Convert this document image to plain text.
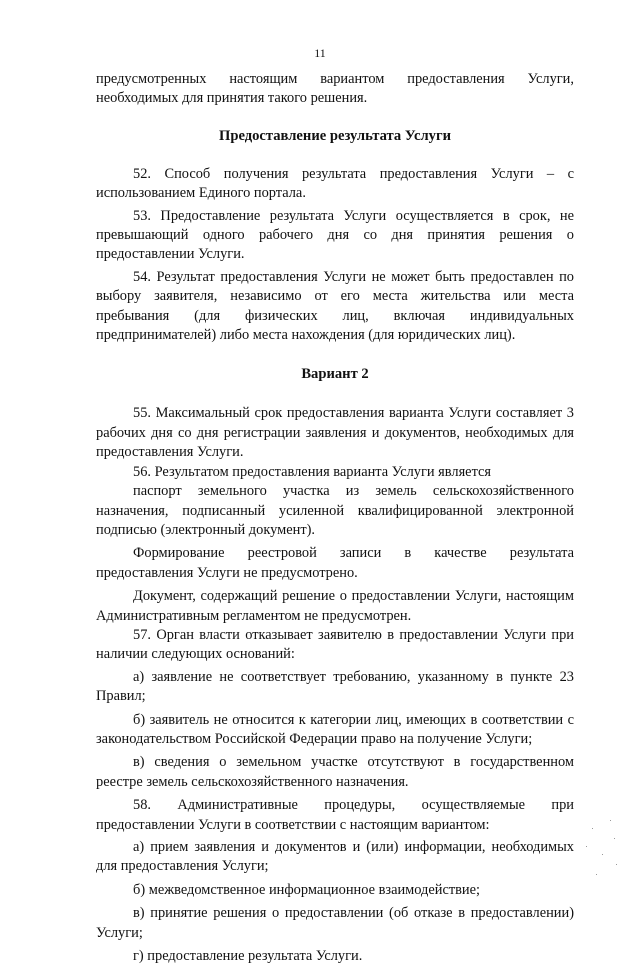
11

предусмотренных настоящим вариантом предоставления Услуги, необходимых для принятия такого решения.

Предоставление результата Услуги

52. Способ получения результата предоставления Услуги – с использованием Единого портала.

53. Предоставление результата Услуги осуществляется в срок, не превышающий одного рабочего дня со дня принятия решения о предоставлении Услуги.

54. Результат предоставления Услуги не может быть предоставлен по выбору заявителя, независимо от его места жительства или места пребывания (для физических лиц, включая индивидуальных предпринимателей) либо места нахождения (для юридических лиц).

Вариант 2

55. Максимальный срок предоставления варианта Услуги составляет 3 рабочих дня со дня регистрации заявления и документов, необходимых для предоставления Услуги.

56. Результатом предоставления варианта Услуги является

паспорт земельного участка из земель сельскохозяйственного назначения, подписанный усиленной квалифицированной электронной подписью (электронный документ).

Формирование реестровой записи в качестве результата предоставления Услуги не предусмотрено.

Документ, содержащий решение о предоставлении Услуги, настоящим Административным регламентом не предусмотрен.

57. Орган власти отказывает заявителю в предоставлении Услуги при наличии следующих оснований:

а) заявление не соответствует требованию, указанному в пункте 23 Правил;

б) заявитель не относится к категории лиц, имеющих в соответствии с законодательством Российской Федерации право на получение Услуги;

в) сведения о земельном участке отсутствуют в государственном реестре земель сельскохозяйственного назначения.

58. Административные процедуры, осуществляемые при предоставлении Услуги в соответствии с настоящим вариантом:

а) прием заявления и документов и (или) информации, необходимых для предоставления Услуги;

б) межведомственное информационное взаимодействие;

в) принятие решения о предоставлении (об отказе в предоставлении) Услуги;

г) предоставление результата Услуги.
